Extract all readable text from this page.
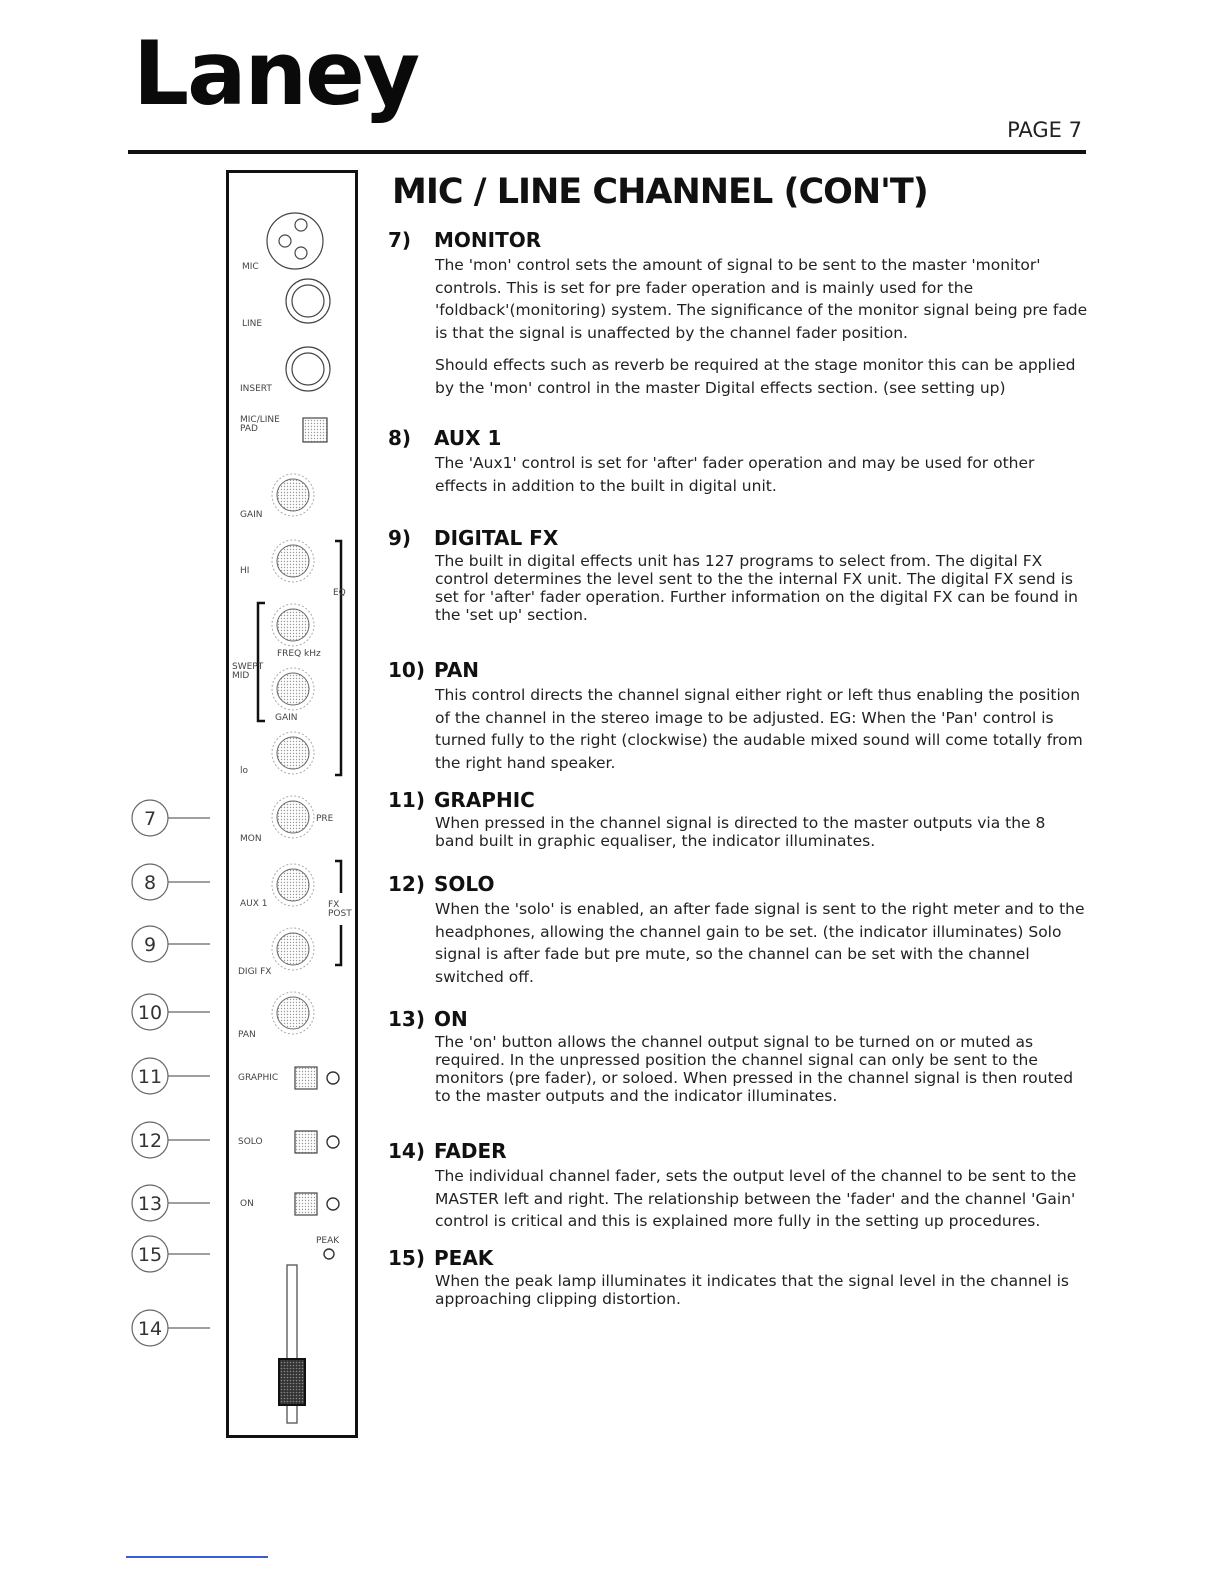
Laney
PAGE 7
MIC
LINE
INSERT
MIC/LINE PAD
GAIN
HI
EQ
FREQ kHz
SWEPT MID
GAIN
lo
PRE
MON
AUX 1	FX POST
DIGI FX
PAN
GRAPHIC
SOLO
ON
PEAK
7
8
9
10
11
12
13
15
14
MIC / LINE CHANNEL (CON'T)
7) MONITOR

The 'mon' control sets the amount of signal to be sent to the master 'monitor' controls. This is set for pre fader operation and is mainly used for the 'foldback'(monitoring) system. The significance of the monitor signal being pre fade is that the signal is unaffected by the channel fader position.

Should effects such as reverb be required at the stage monitor this can be applied by the 'mon' control in the master Digital effects section. (see setting up)

8) AUX 1

The 'Aux1' control is set for 'after' fader operation and may be used for other effects in addition to the built in digital unit.

9) DIGITAL FX

The built in digital effects unit has 127 programs to select from. The digital FX control determines the level sent to the the internal FX unit. The digital FX send is set for 'after' fader operation. Further information on the digital FX can be found in the 'set up' section.

10) PAN

This control directs the channel signal either right or left thus enabling the position of the channel in the stereo image to be adjusted. EG: When the 'Pan' control is turned fully to the right (clockwise) the audable mixed sound will come totally from the right hand speaker.

11) GRAPHIC

When pressed in the channel signal is directed to the master outputs via the 8 band built in graphic equaliser, the indicator illuminates.

12) SOLO

When the 'solo' is enabled, an after fade signal is sent to the right meter and to the headphones, allowing the channel gain to be set. (the indicator illuminates) Solo signal is after fade but pre mute, so the channel can be set with the channel switched off.

13) ON

The 'on' button allows the channel output signal to be turned on or muted as required. In the unpressed position the channel signal can only be sent to the monitors (pre fader), or soloed. When pressed in the channel signal is then routed to the master outputs and the indicator illuminates.

14) FADER

The individual channel fader, sets the output level of the channel to be sent to the MASTER left and right. The relationship between the 'fader' and the channel 'Gain' control is critical and this is explained more fully in the setting up procedures.

15) PEAK

When the peak lamp illuminates it indicates that the signal level in the channel is approaching clipping distortion.
